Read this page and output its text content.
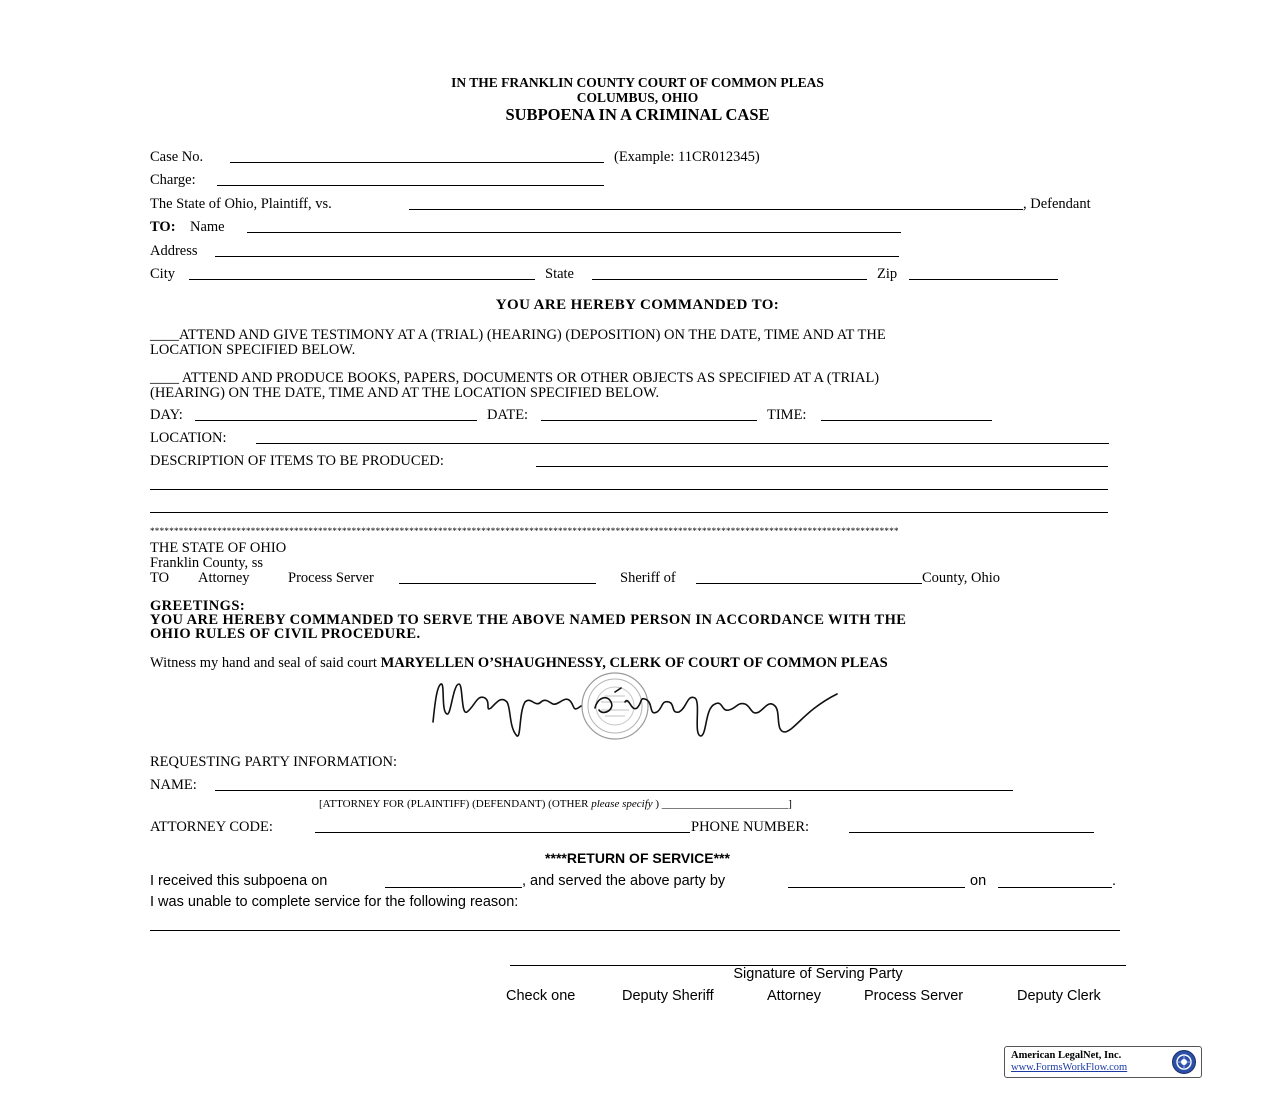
IN THE FRANKLIN COUNTY COURT OF COMMON PLEAS
COLUMBUS, OHIO
SUBPOENA IN A CRIMINAL CASE
Case No.	(Example: 11CR012345)
Charge:
The State of Ohio, Plaintiff, vs.	, Defendant
TO: Name
Address
City	State	Zip
YOU ARE HEREBY COMMANDED TO:
____ATTEND AND GIVE TESTIMONY AT A (TRIAL) (HEARING) (DEPOSITION) ON THE DATE, TIME AND AT THE
LOCATION SPECIFIED BELOW.
____ ATTEND AND PRODUCE BOOKS, PAPERS, DOCUMENTS OR OTHER OBJECTS AS SPECIFIED AT A (TRIAL)
(HEARING) ON THE DATE, TIME AND AT THE LOCATION SPECIFIED BELOW.
DAY:	DATE:	TIME:
LOCATION:
DESCRIPTION OF ITEMS TO BE PRODUCED:
************************************************************************************************************************************************************
THE STATE OF OHIO
Franklin County, ss
TO Attorney	Process Server	Sheriff of	County, Ohio
GREETINGS:
YOU ARE HEREBY COMMANDED TO SERVE THE ABOVE NAMED PERSON IN ACCORDANCE WITH THE
OHIO RULES OF CIVIL PROCEDURE.
Witness my hand and seal of said court MARYELLEN O’SHAUGHNESSY, CLERK OF COURT OF COMMON PLEAS
REQUESTING PARTY INFORMATION:
NAME:
[ATTORNEY FOR (PLAINTIFF) (DEFENDANT) (OTHER please specify ) _______________________]
ATTORNEY CODE:	PHONE NUMBER:
****RETURN OF SERVICE***
I received this subpoena on	, and served the above party by	on	.
I was unable to complete service for the following reason:
Signature of Serving Party
Check one	Deputy Sheriff	Attorney	Process Server	Deputy Clerk
American LegalNet, Inc.
www.FormsWorkFlow.com
